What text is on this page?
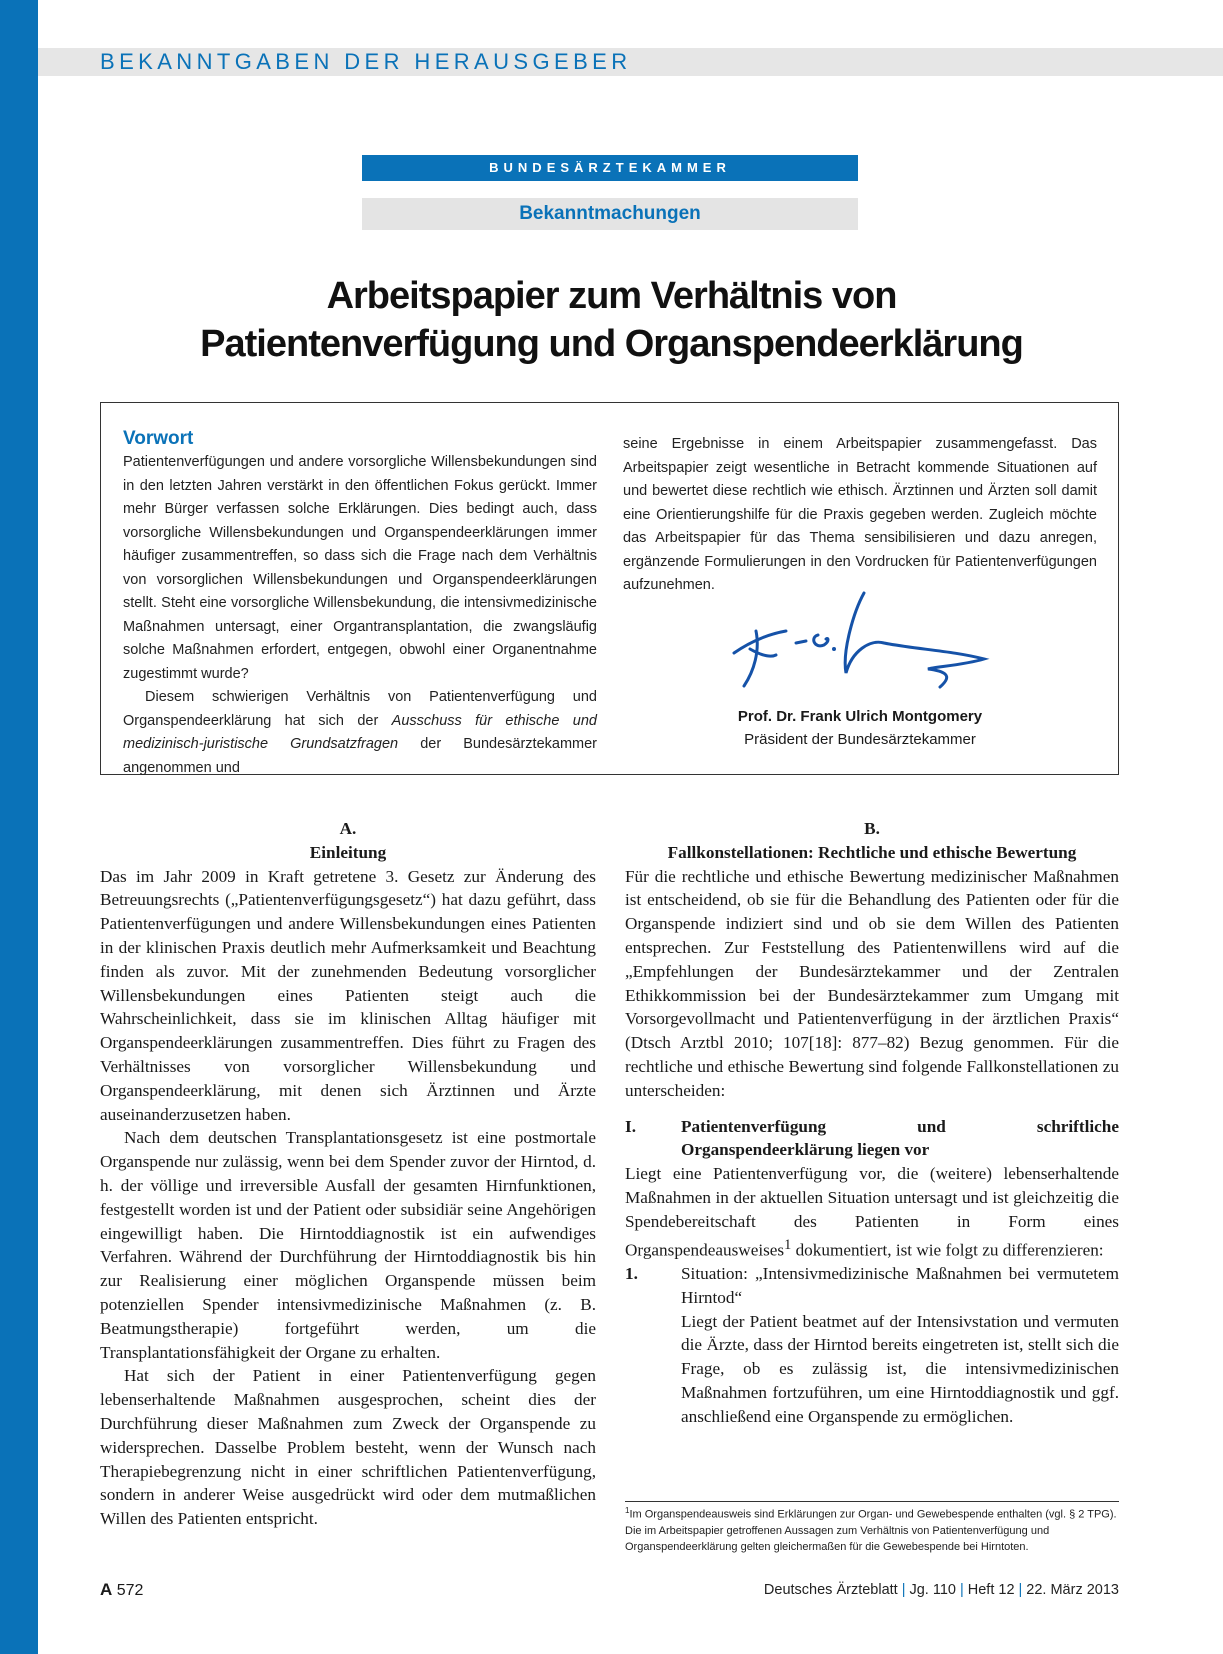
BEKANNTGABEN DER HERAUSGEBER
BUNDESÄRZTEKAMMER
Bekanntmachungen
Arbeitspapier zum Verhältnis von
Patientenverfügung und Organspendeerklärung
Vorwort
Patientenverfügungen und andere vorsorgliche Willensbekundungen sind in den letzten Jahren verstärkt in den öffentlichen Fokus gerückt. Immer mehr Bürger verfassen solche Erklärungen. Dies bedingt auch, dass vorsorgliche Willensbekundungen und Organspendeerklärungen immer häufiger zusammentreffen, so dass sich die Frage nach dem Verhältnis von vorsorglichen Willensbekundungen und Organspendeerklärungen stellt. Steht eine vorsorgliche Willensbekundung, die intensivmedizinische Maßnahmen untersagt, einer Organtransplantation, die zwangsläufig solche Maßnahmen erfordert, entgegen, obwohl einer Organentnahme zugestimmt wurde?
Diesem schwierigen Verhältnis von Patientenverfügung und Organspendeerklärung hat sich der Ausschuss für ethische und medizinisch-juristische Grundsatzfragen der Bundesärztekammer angenommen und
seine Ergebnisse in einem Arbeitspapier zusammengefasst. Das Arbeitspapier zeigt wesentliche in Betracht kommende Situationen auf und bewertet diese rechtlich wie ethisch. Ärztinnen und Ärzten soll damit eine Orientierungshilfe für die Praxis gegeben werden. Zugleich möchte das Arbeitspapier für das Thema sensibilisieren und dazu anregen, ergänzende Formulierungen in den Vordrucken für Patientenverfügungen aufzunehmen.
Prof. Dr. Frank Ulrich Montgomery
Präsident der Bundesärztekammer
A.
Einleitung
Das im Jahr 2009 in Kraft getretene 3. Gesetz zur Änderung des Betreuungsrechts („Patientenverfügungsgesetz“) hat dazu geführt, dass Patientenverfügungen und andere Willensbekundungen eines Patienten in der klinischen Praxis deutlich mehr Aufmerksamkeit und Beachtung finden als zuvor. Mit der zunehmenden Bedeutung vorsorglicher Willensbekundungen eines Patienten steigt auch die Wahrscheinlichkeit, dass sie im klinischen Alltag häufiger mit Organspendeerklärungen zusammentreffen. Dies führt zu Fragen des Verhältnisses von vorsorglicher Willensbekundung und Organspendeerklärung, mit denen sich Ärztinnen und Ärzte auseinanderzusetzen haben.
Nach dem deutschen Transplantationsgesetz ist eine postmortale Organspende nur zulässig, wenn bei dem Spender zuvor der Hirntod, d. h. der völlige und irreversible Ausfall der gesamten Hirnfunktionen, festgestellt worden ist und der Patient oder subsidiär seine Angehörigen eingewilligt haben. Die Hirntoddiagnostik ist ein aufwendiges Verfahren. Während der Durchführung der Hirntoddiagnostik bis hin zur Realisierung einer möglichen Organspende müssen beim potenziellen Spender intensivmedizinische Maßnahmen (z. B. Beatmungstherapie) fortgeführt werden, um die Transplantationsfähigkeit der Organe zu erhalten.
Hat sich der Patient in einer Patientenverfügung gegen lebenserhaltende Maßnahmen ausgesprochen, scheint dies der Durchführung dieser Maßnahmen zum Zweck der Organspende zu widersprechen. Dasselbe Problem besteht, wenn der Wunsch nach Therapiebegrenzung nicht in einer schriftlichen Patientenverfügung, sondern in anderer Weise ausgedrückt wird oder dem mutmaßlichen Willen des Patienten entspricht.
B.
Fallkonstellationen: Rechtliche und ethische Bewertung
Für die rechtliche und ethische Bewertung medizinischer Maßnahmen ist entscheidend, ob sie für die Behandlung des Patienten oder für die Organspende indiziert sind und ob sie dem Willen des Patienten entsprechen. Zur Feststellung des Patientenwillens wird auf die „Empfehlungen der Bundesärztekammer und der Zentralen Ethikkommission bei der Bundesärztekammer zum Umgang mit Vorsorgevollmacht und Patientenverfügung in der ärztlichen Praxis“ (Dtsch Arztbl 2010; 107[18]: 877–82) Bezug genommen. Für die rechtliche und ethische Bewertung sind folgende Fallkonstellationen zu unterscheiden:
I.	Patientenverfügung und schriftliche Organspendeerklärung liegen vor
Liegt eine Patientenverfügung vor, die (weitere) lebenserhaltende Maßnahmen in der aktuellen Situation untersagt und ist gleichzeitig die Spendebereitschaft des Patienten in Form eines Organspendeausweises$^1$ dokumentiert, ist wie folgt zu differenzieren:
1.	Situation: „Intensivmedizinische Maßnahmen bei vermutetem Hirntod“
Liegt der Patient beatmet auf der Intensivstation und vermuten die Ärzte, dass der Hirntod bereits eingetreten ist, stellt sich die Frage, ob es zulässig ist, die intensivmedizinischen Maßnahmen fortzuführen, um eine Hirntoddiagnostik und ggf. anschließend eine Organspende zu ermöglichen.
$^1$Im Organspendeausweis sind Erklärungen zur Organ- und Gewebespende enthalten (vgl. § 2 TPG). Die im Arbeitspapier getroffenen Aussagen zum Verhältnis von Patientenverfügung und Organspendeerklärung gelten gleichermaßen für die Gewebespende bei Hirntoten.
A 572	Deutsches Ärzteblatt | Jg. 110 | Heft 12 | 22. März 2013
